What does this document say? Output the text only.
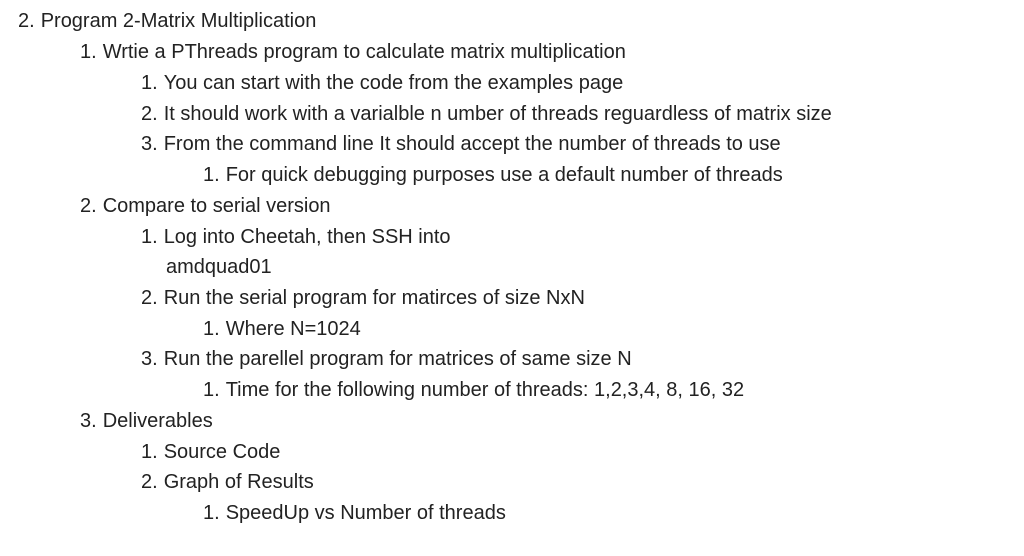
2. Program 2-Matrix Multiplication
1. Wrtie a PThreads program to calculate matrix multiplication
1. You can start with the code from the examples page
2. It should work with a varialble n umber of threads reguardless of matrix size
3. From the command line It should accept the number of threads to use
1. For quick debugging purposes use a default number of threads
2. Compare to serial version
1. Log into Cheetah, then SSH into
amdquad01
2. Run the serial program for matirces of size NxN
1. Where N=1024
3. Run the parellel program for matrices of same size N
1. Time for the following number of threads: 1,2,3,4, 8, 16, 32
3. Deliverables
1. Source Code
2. Graph of Results
1. SpeedUp vs Number of threads
